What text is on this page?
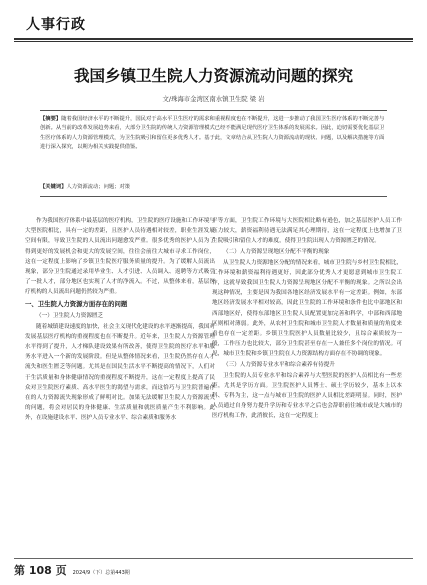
人事行政
我国乡镇卫生院人力资源流动问题的探究
文/珠海市金湾区南水镇卫生院 梁 岩
【摘要】随着我国经济水平的不断提升，国民对于高水平卫生医疗的需求和重视程度也在不断提升，这进一步推动了我国卫生医疗体系的不断完善与创新。从当前的改革发展趋势来看，大部分卫生院的传统人力资源管理模式已经不能满足现代医疗卫生体系的发展需求。因此，迫切需要优化基层卫生医疗体系的人力资源管理模式，为卫生院吸引和留住更多优秀人才。基于此，文章结合从卫生院人力资源流动的现状、问题，以及解决措施等方面进行深入探究，以期为相关实践提供借鉴。
【关键词】人力资源流动；问题；对策

作为我国医疗体系中最基层的医疗机构，卫生院的医疗设施和工作环境与大型医院相比，具有一定的差距，且医护人员待遇相对较差，职业生涯发展空间有限，导致卫生院的人员流出问题愈发严重。很多优秀的医护人员为了得到更好的发展机会和更大的发展空间，往往会前往大城市寻求工作岗位，这在一定程度上影响了乡镇卫生院医疗服务质量的提升。为了缓解人员流出现象，部分卫生院通过录用毕业生、人才引进、人员调入、返聘等方式吸引了一批人才，部分地区也实现了人才的净流入。不过，从整体来看，基层医疗机构的人员流出问题仍然较为严重。

一、卫生院人力资源方面存在的问题

（一）卫生院人力资源匮乏

随着城镇建设速度的加快，社会主义现代化建设的水平逐渐提高，我国对发展基层医疗机构的重视程度也在不断提升。近年来，卫生院人力资源管理水平得到了提升，人才梯队建设效果有所改善，使得卫生院的医疗水平和服务水平进入一个新的发展阶段。但是从整体情况来看，卫生院仍然存在人才流失和医生匮乏等问题。尤其是在国民生活水平不断提高的情况下，人们对于生活质量和身体健康情况的重视程度不断提升，这在一定程度上提高了民众对卫生院医疗素质、高水平医生的渴望与需求，而这恰巧与卫生院普遍存在的人力资源流失现象形成了鲜明对比。加果无法缓解卫生院人力资源流失的问题，将会对居民的身体健康、生活质量和就医质量产生不利影响。此外，在设施建设水平、医护人员专业水平、综合素质和服务水

平等方面，卫生院工作环境与大医院相比略有逊色，加之基层医护人员工作压力较大，薪资福利待遇无法满足其心理期待，这在一定程度上也增加了卫生院吸引和留住人才的难度，使得卫生院出现人力资源匮乏的情况。

（二）人力资源呈现地区分配不平衡的现象

从卫生院人力资源地区分配的情况来看，城市卫生院与乡村卫生院相比，工作环境和薪资福利待遇更好，因此部分优秀人才更愿意到城市卫生院工作，这就导致我国卫生院人力资源呈现地区分配不平衡的现象。之所以会出现这种情况，主要是因为我国各地区经济发展水平有一定差距。例如，东部地区经济发展水平相对较高，因此卫生院的工作环境和条件也比中部地区和西部地区好，使得东部地区卫生院人员配置更加完善和科学，中部和西部地区则相对薄弱。此外，从农村卫生院和城市卫生院人才数量和质量的角度来看也存在一定差距。乡镇卫生院医护人员数量比较少，且综合素质较为一般，工作压力也比较大，部分卫生院甚至存在一人兼任多个岗位的情况。可见，城市卫生院和乡镇卫生院在人力资源结构方面存在不协调的现象。

（三）人力资源专业水平和综合素养有待提升

卫生院的人员专业水平和综合素养与大型医院的医护人员相比有一些差距，尤其是学历方面。卫生院医护人员博士、硕士学历较少，基本上以本科、专科为主，这一点与城市卫生院的医护人员相比差距明显。同时，医护人员通过自身努力提升学历和专业水平之后也会辞职前往城市或是大城市的医疗机构工作，此消彼长，这在一定程度上

第 108 页 2024/9（下）总第443期
